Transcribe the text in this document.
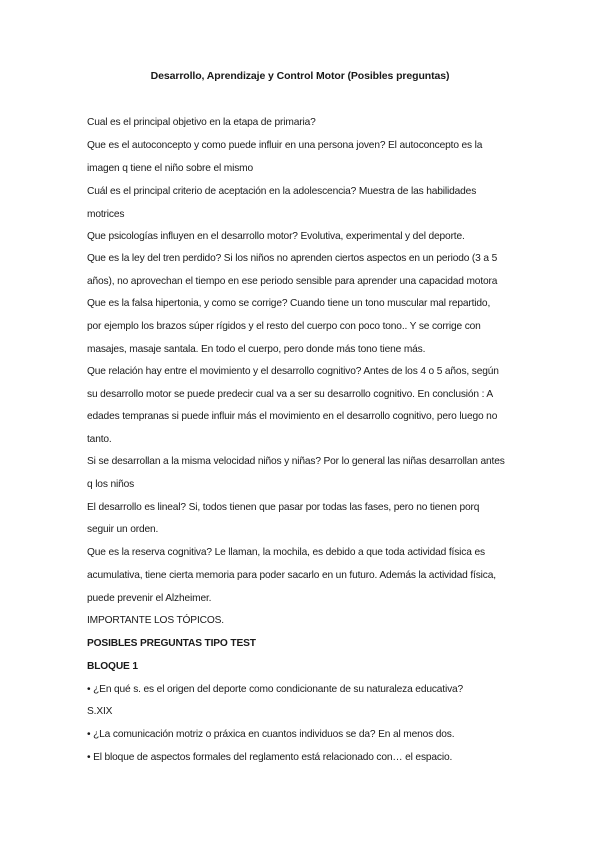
Desarrollo, Aprendizaje y Control Motor (Posibles preguntas)
Cual es el principal objetivo en la etapa de primaria?
Que es el autoconcepto y como puede influir en una persona joven? El autoconcepto es la
imagen q tiene el niño sobre el mismo
Cuál es el principal criterio de aceptación en la adolescencia? Muestra de las habilidades
motrices
Que psicologías influyen en el desarrollo motor? Evolutiva, experimental y del deporte.
Que es la ley del tren perdido? Si los niños no aprenden ciertos aspectos en un periodo (3 a 5
años), no aprovechan el tiempo en ese periodo sensible para aprender una capacidad motora
Que es la falsa hipertonia, y como se corrige? Cuando tiene un tono muscular mal repartido,
por ejemplo los brazos súper rígidos y el resto del cuerpo con poco tono.. Y se corrige con
masajes, masaje santala. En todo el cuerpo, pero donde más tono tiene más.
Que relación hay entre el movimiento y el desarrollo cognitivo? Antes de los 4 o 5 años, según
su desarrollo motor se puede predecir cual va a ser su desarrollo cognitivo. En conclusión : A
edades tempranas si puede influir más el movimiento en el desarrollo cognitivo, pero luego no
tanto.
Si se desarrollan a la misma velocidad niños y niñas? Por lo general las niñas desarrollan antes
q los niños
El desarrollo es lineal? Si, todos tienen que pasar por todas las fases, pero no tienen porq
seguir un orden.
Que es la reserva cognitiva? Le llaman, la mochila, es debido a que toda actividad física es
acumulativa, tiene cierta memoria para poder sacarlo en un futuro. Además la actividad física,
puede prevenir el Alzheimer.
IMPORTANTE LOS TÓPICOS.
POSIBLES PREGUNTAS TIPO TEST
BLOQUE 1
• ¿En qué s. es el origen del deporte como condicionante de su naturaleza educativa?
S.XIX
• ¿La comunicación motriz o práxica en cuantos individuos se da? En al menos dos.
• El bloque de aspectos formales del reglamento está relacionado con… el espacio.
